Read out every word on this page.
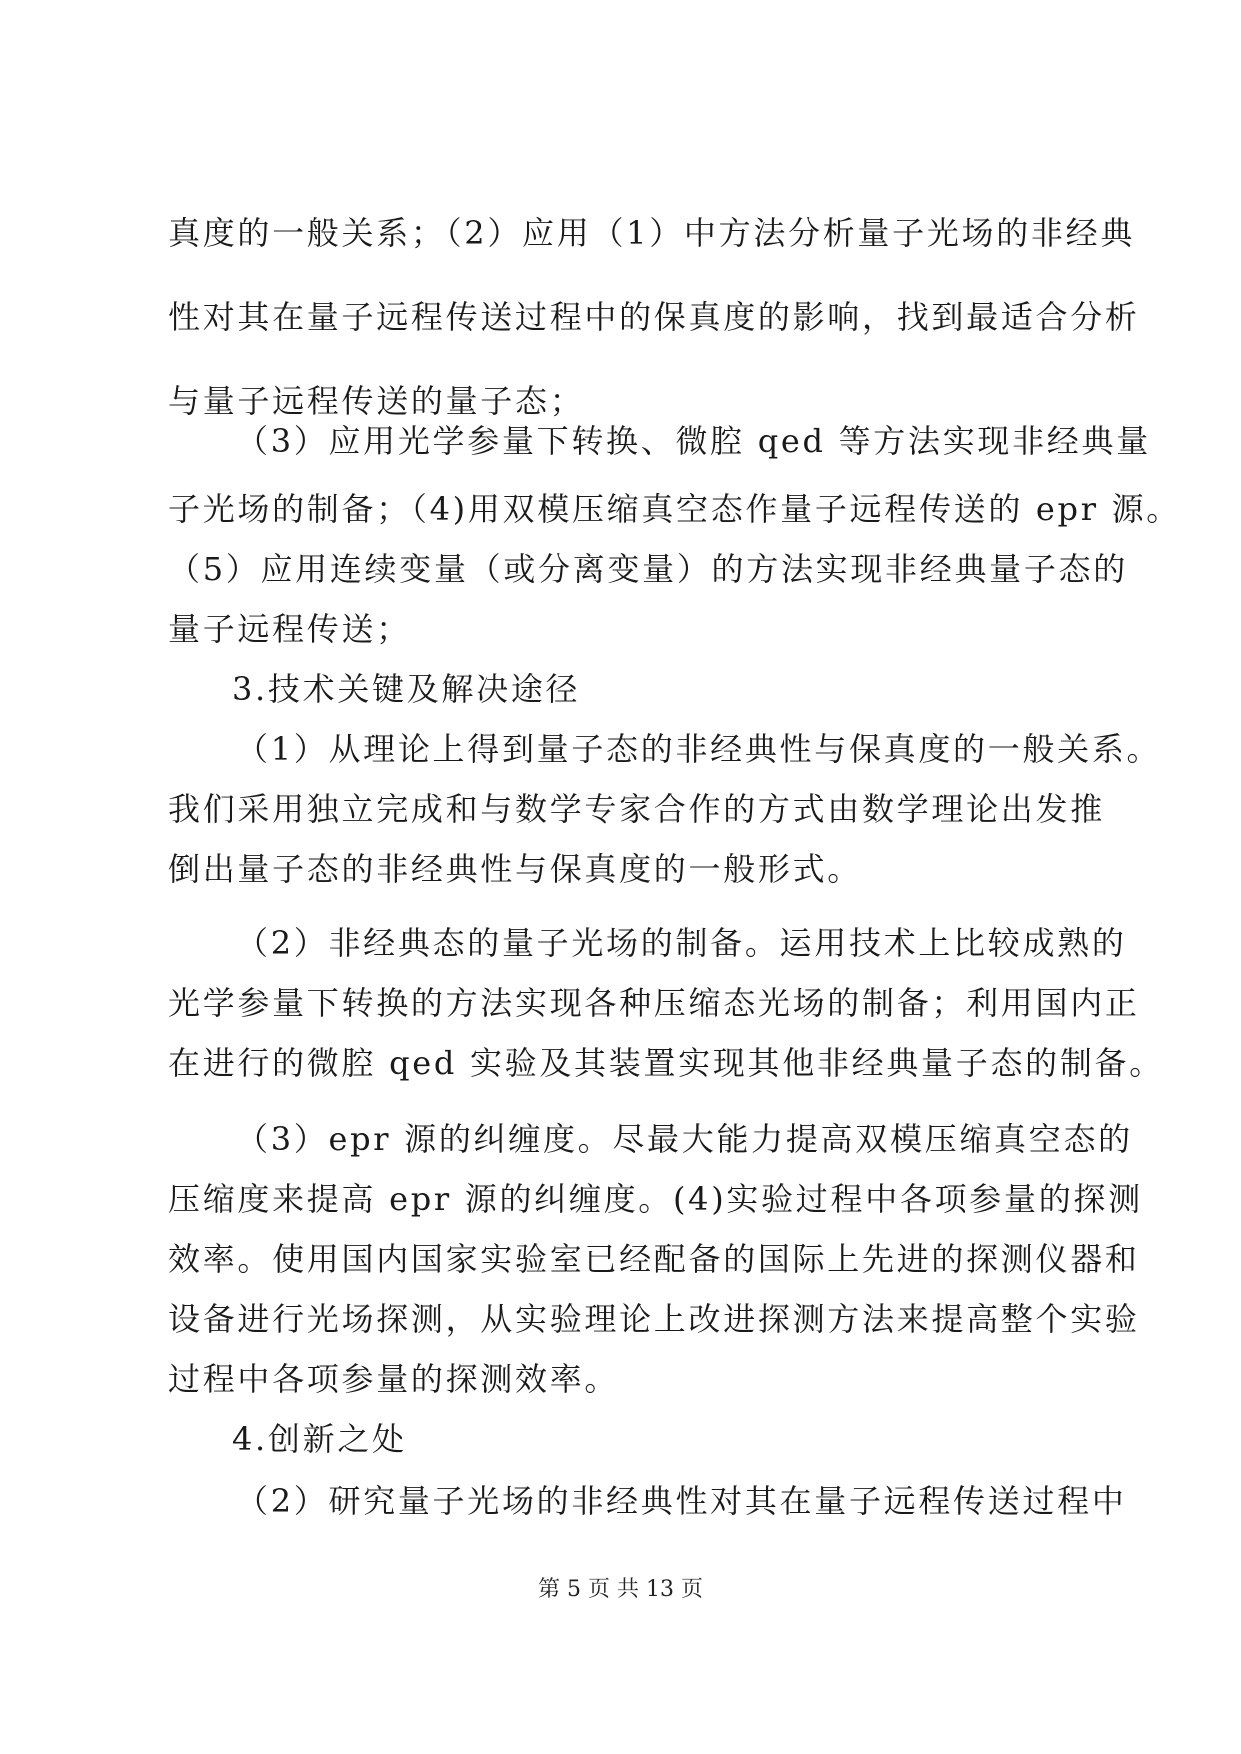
真度的一般关系；（2）应用（1）中方法分析量子光场的非经典
性对其在量子远程传送过程中的保真度的影响，找到最适合分析
与量子远程传送的量子态；
（3）应用光学参量下转换、微腔 qed 等方法实现非经典量
子光场的制备；（4)用双模压缩真空态作量子远程传送的 epr 源。
（5）应用连续变量（或分离变量）的方法实现非经典量子态的
量子远程传送；
3.技术关键及解决途径
（1）从理论上得到量子态的非经典性与保真度的一般关系。
我们采用独立完成和与数学专家合作的方式由数学理论出发推
倒出量子态的非经典性与保真度的一般形式。
（2）非经典态的量子光场的制备。运用技术上比较成熟的
光学参量下转换的方法实现各种压缩态光场的制备；利用国内正
在进行的微腔 qed 实验及其装置实现其他非经典量子态的制备。
（3）epr 源的纠缠度。尽最大能力提高双模压缩真空态的
压缩度来提高 epr 源的纠缠度。(4)实验过程中各项参量的探测
效率。使用国内国家实验室已经配备的国际上先进的探测仪器和
设备进行光场探测，从实验理论上改进探测方法来提高整个实验
过程中各项参量的探测效率。
4.创新之处
（2）研究量子光场的非经典性对其在量子远程传送过程中
第 5 页 共 13 页
